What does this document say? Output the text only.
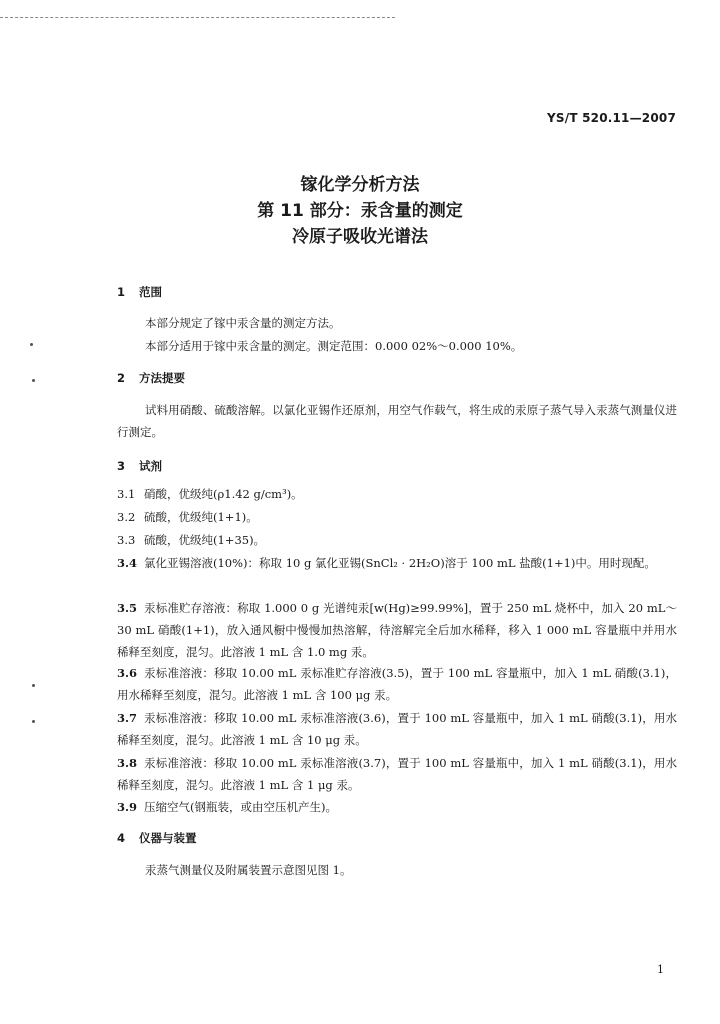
YS/T 520.11—2007
镓化学分析方法
第 11 部分：汞含量的测定
冷原子吸收光谱法
1 范围
本部分规定了镓中汞含量的测定方法。
本部分适用于镓中汞含量的测定。测定范围：0.000 02%～0.000 10%。
2 方法提要
试料用硝酸、硫酸溶解。以氯化亚锡作还原剂，用空气作载气，将生成的汞原子蒸气导入汞蒸气测量仪进行测定。
3 试剂
3.1 硝酸，优级纯(ρ1.42 g/cm³)。
3.2 硫酸，优级纯(1+1)。
3.3 硫酸，优级纯(1+35)。
3.4 氯化亚锡溶液(10%)：称取 10 g 氯化亚锡(SnCl₂ · 2H₂O)溶于 100 mL 盐酸(1+1)中。用时现配。
3.5 汞标准贮存溶液：称取 1.000 0 g 光谱纯汞[w(Hg)≥99.99%]，置于 250 mL 烧杯中，加入 20 mL～30 mL 硝酸(1+1)，放入通风橱中慢慢加热溶解，待溶解完全后加水稀释，移入 1 000 mL 容量瓶中并用水稀释至刻度，混匀。此溶液 1 mL 含 1.0 mg 汞。
3.6 汞标准溶液：移取 10.00 mL 汞标准贮存溶液(3.5)，置于 100 mL 容量瓶中，加入 1 mL 硝酸(3.1)，用水稀释至刻度，混匀。此溶液 1 mL 含 100 μg 汞。
3.7 汞标准溶液：移取 10.00 mL 汞标准溶液(3.6)，置于 100 mL 容量瓶中，加入 1 mL 硝酸(3.1)，用水稀释至刻度，混匀。此溶液 1 mL 含 10 μg 汞。
3.8 汞标准溶液：移取 10.00 mL 汞标准溶液(3.7)，置于 100 mL 容量瓶中，加入 1 mL 硝酸(3.1)，用水稀释至刻度，混匀。此溶液 1 mL 含 1 μg 汞。
3.9 压缩空气(钢瓶装，或由空压机产生)。
4 仪器与装置
汞蒸气测量仪及附属装置示意图见图 1。
1
